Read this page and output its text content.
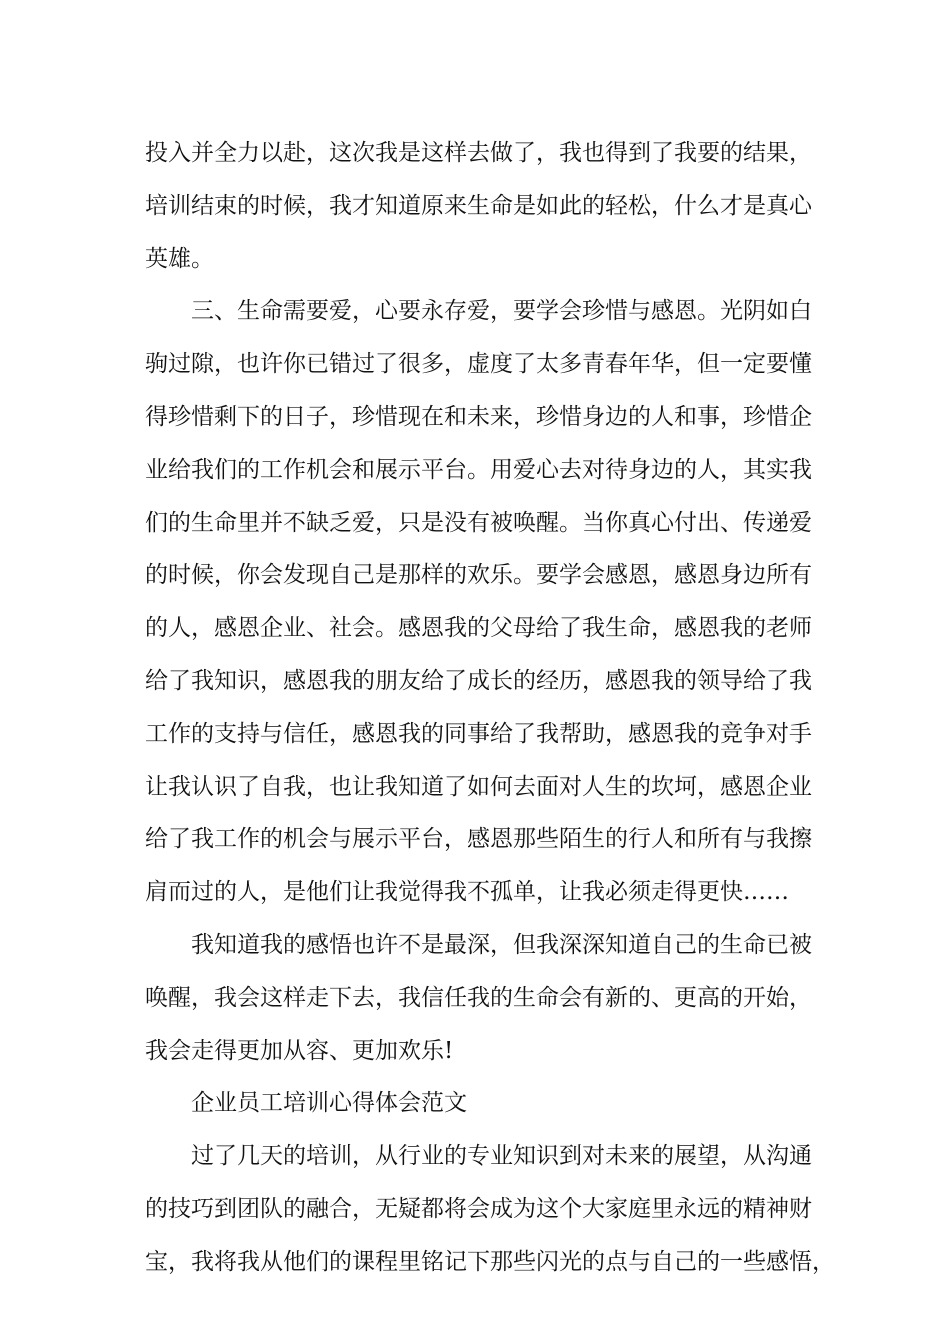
投入并全力以赴，这次我是这样去做了，我也得到了我要的结果，
培训结束的时候，我才知道原来生命是如此的轻松，什么才是真心
英雄。
三、生命需要爱，心要永存爱，要学会珍惜与感恩。光阴如白
驹过隙，也许你已错过了很多，虚度了太多青春年华，但一定要懂
得珍惜剩下的日子，珍惜现在和未来，珍惜身边的人和事，珍惜企
业给我们的工作机会和展示平台。用爱心去对待身边的人，其实我
们的生命里并不缺乏爱，只是没有被唤醒。当你真心付出、传递爱
的时候，你会发现自己是那样的欢乐。要学会感恩，感恩身边所有
的人，感恩企业、社会。感恩我的父母给了我生命，感恩我的老师
给了我知识，感恩我的朋友给了成长的经历，感恩我的领导给了我
工作的支持与信任，感恩我的同事给了我帮助，感恩我的竞争对手
让我认识了自我，也让我知道了如何去面对人生的坎坷，感恩企业
给了我工作的机会与展示平台，感恩那些陌生的行人和所有与我擦
肩而过的人，是他们让我觉得我不孤单，让我必须走得更快……
我知道我的感悟也许不是最深，但我深深知道自己的生命已被
唤醒，我会这样走下去，我信任我的生命会有新的、更高的开始，
我会走得更加从容、更加欢乐!
企业员工培训心得体会范文
过了几天的培训，从行业的专业知识到对未来的展望，从沟通
的技巧到团队的融合，无疑都将会成为这个大家庭里永远的精神财
宝，我将我从他们的课程里铭记下那些闪光的点与自己的一些感悟，
